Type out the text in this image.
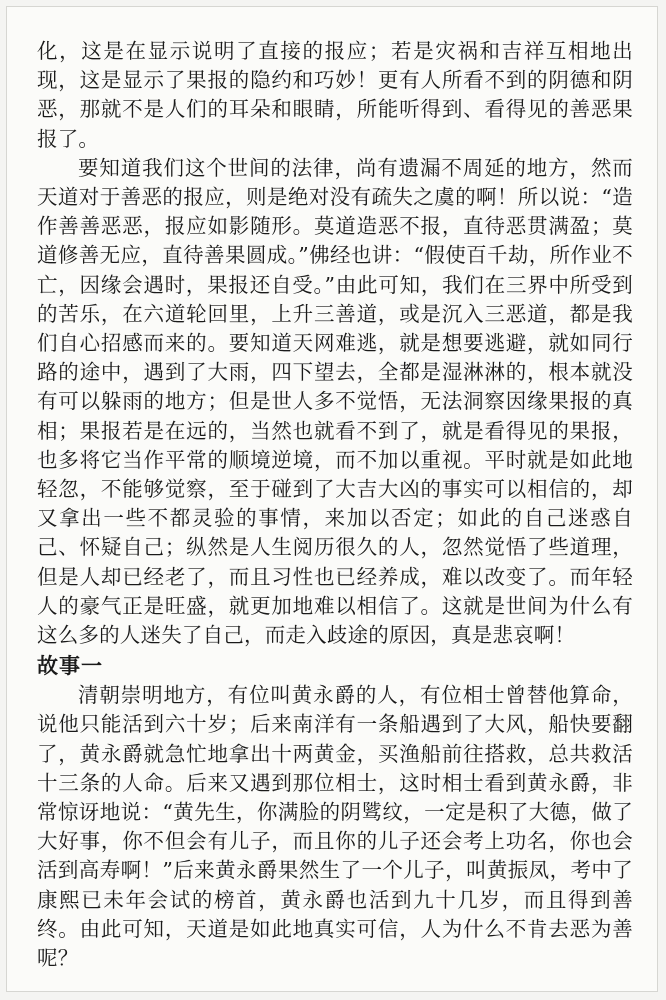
化，这是在显示说明了直接的报应；若是灾祸和吉祥互相地出现，这是显示了果报的隐约和巧妙！更有人所看不到的阴德和阴恶，那就不是人们的耳朵和眼睛，所能听得到、看得见的善恶果报了。

要知道我们这个世间的法律，尚有遗漏不周延的地方，然而天道对于善恶的报应，则是绝对没有疏失之虞的啊！所以说：“造作善善恶恶，报应如影随形。莫道造恶不报，直待恶贯满盈；莫道修善无应，直待善果圆成。”佛经也讲：“假使百千劫，所作业不亡，因缘会遇时，果报还自受。”由此可知，我们在三界中所受到的苦乐，在六道轮回里，上升三善道，或是沉入三恶道，都是我们自心招感而来的。要知道天网难逃，就是想要逃避，就如同行路的途中，遇到了大雨，四下望去，全都是湿淋淋的，根本就没有可以躲雨的地方；但是世人多不觉悟，无法洞察因缘果报的真相；果报若是在远的，当然也就看不到了，就是看得见的果报，也多将它当作平常的顺境逆境，而不加以重视。平时就是如此地轻忽，不能够觉察，至于碰到了大吉大凶的事实可以相信的，却又拿出一些不都灵验的事情，来加以否定；如此的自己迷惑自己、怀疑自己；纵然是人生阅历很久的人，忽然觉悟了些道理，但是人却已经老了，而且习性也已经养成，难以改变了。而年轻人的豪气正是旺盛，就更加地难以相信了。这就是世间为什么有这么多的人迷失了自己，而走入歧途的原因，真是悲哀啊！

故事一

清朝崇明地方，有位叫黄永爵的人，有位相士曾替他算命，说他只能活到六十岁；后来南洋有一条船遇到了大风，船快要翻了，黄永爵就急忙地拿出十两黄金，买渔船前往搭救，总共救活十三条的人命。后来又遇到那位相士，这时相士看到黄永爵，非常惊讶地说：“黄先生，你满脸的阴骘纹，一定是积了大德，做了大好事，你不但会有儿子，而且你的儿子还会考上功名，你也会活到高寿啊！”后来黄永爵果然生了一个儿子，叫黄振凤，考中了康熙已未年会试的榜首，黄永爵也活到九十几岁，而且得到善终。由此可知，天道是如此地真实可信，人为什么不肯去恶为善呢？
